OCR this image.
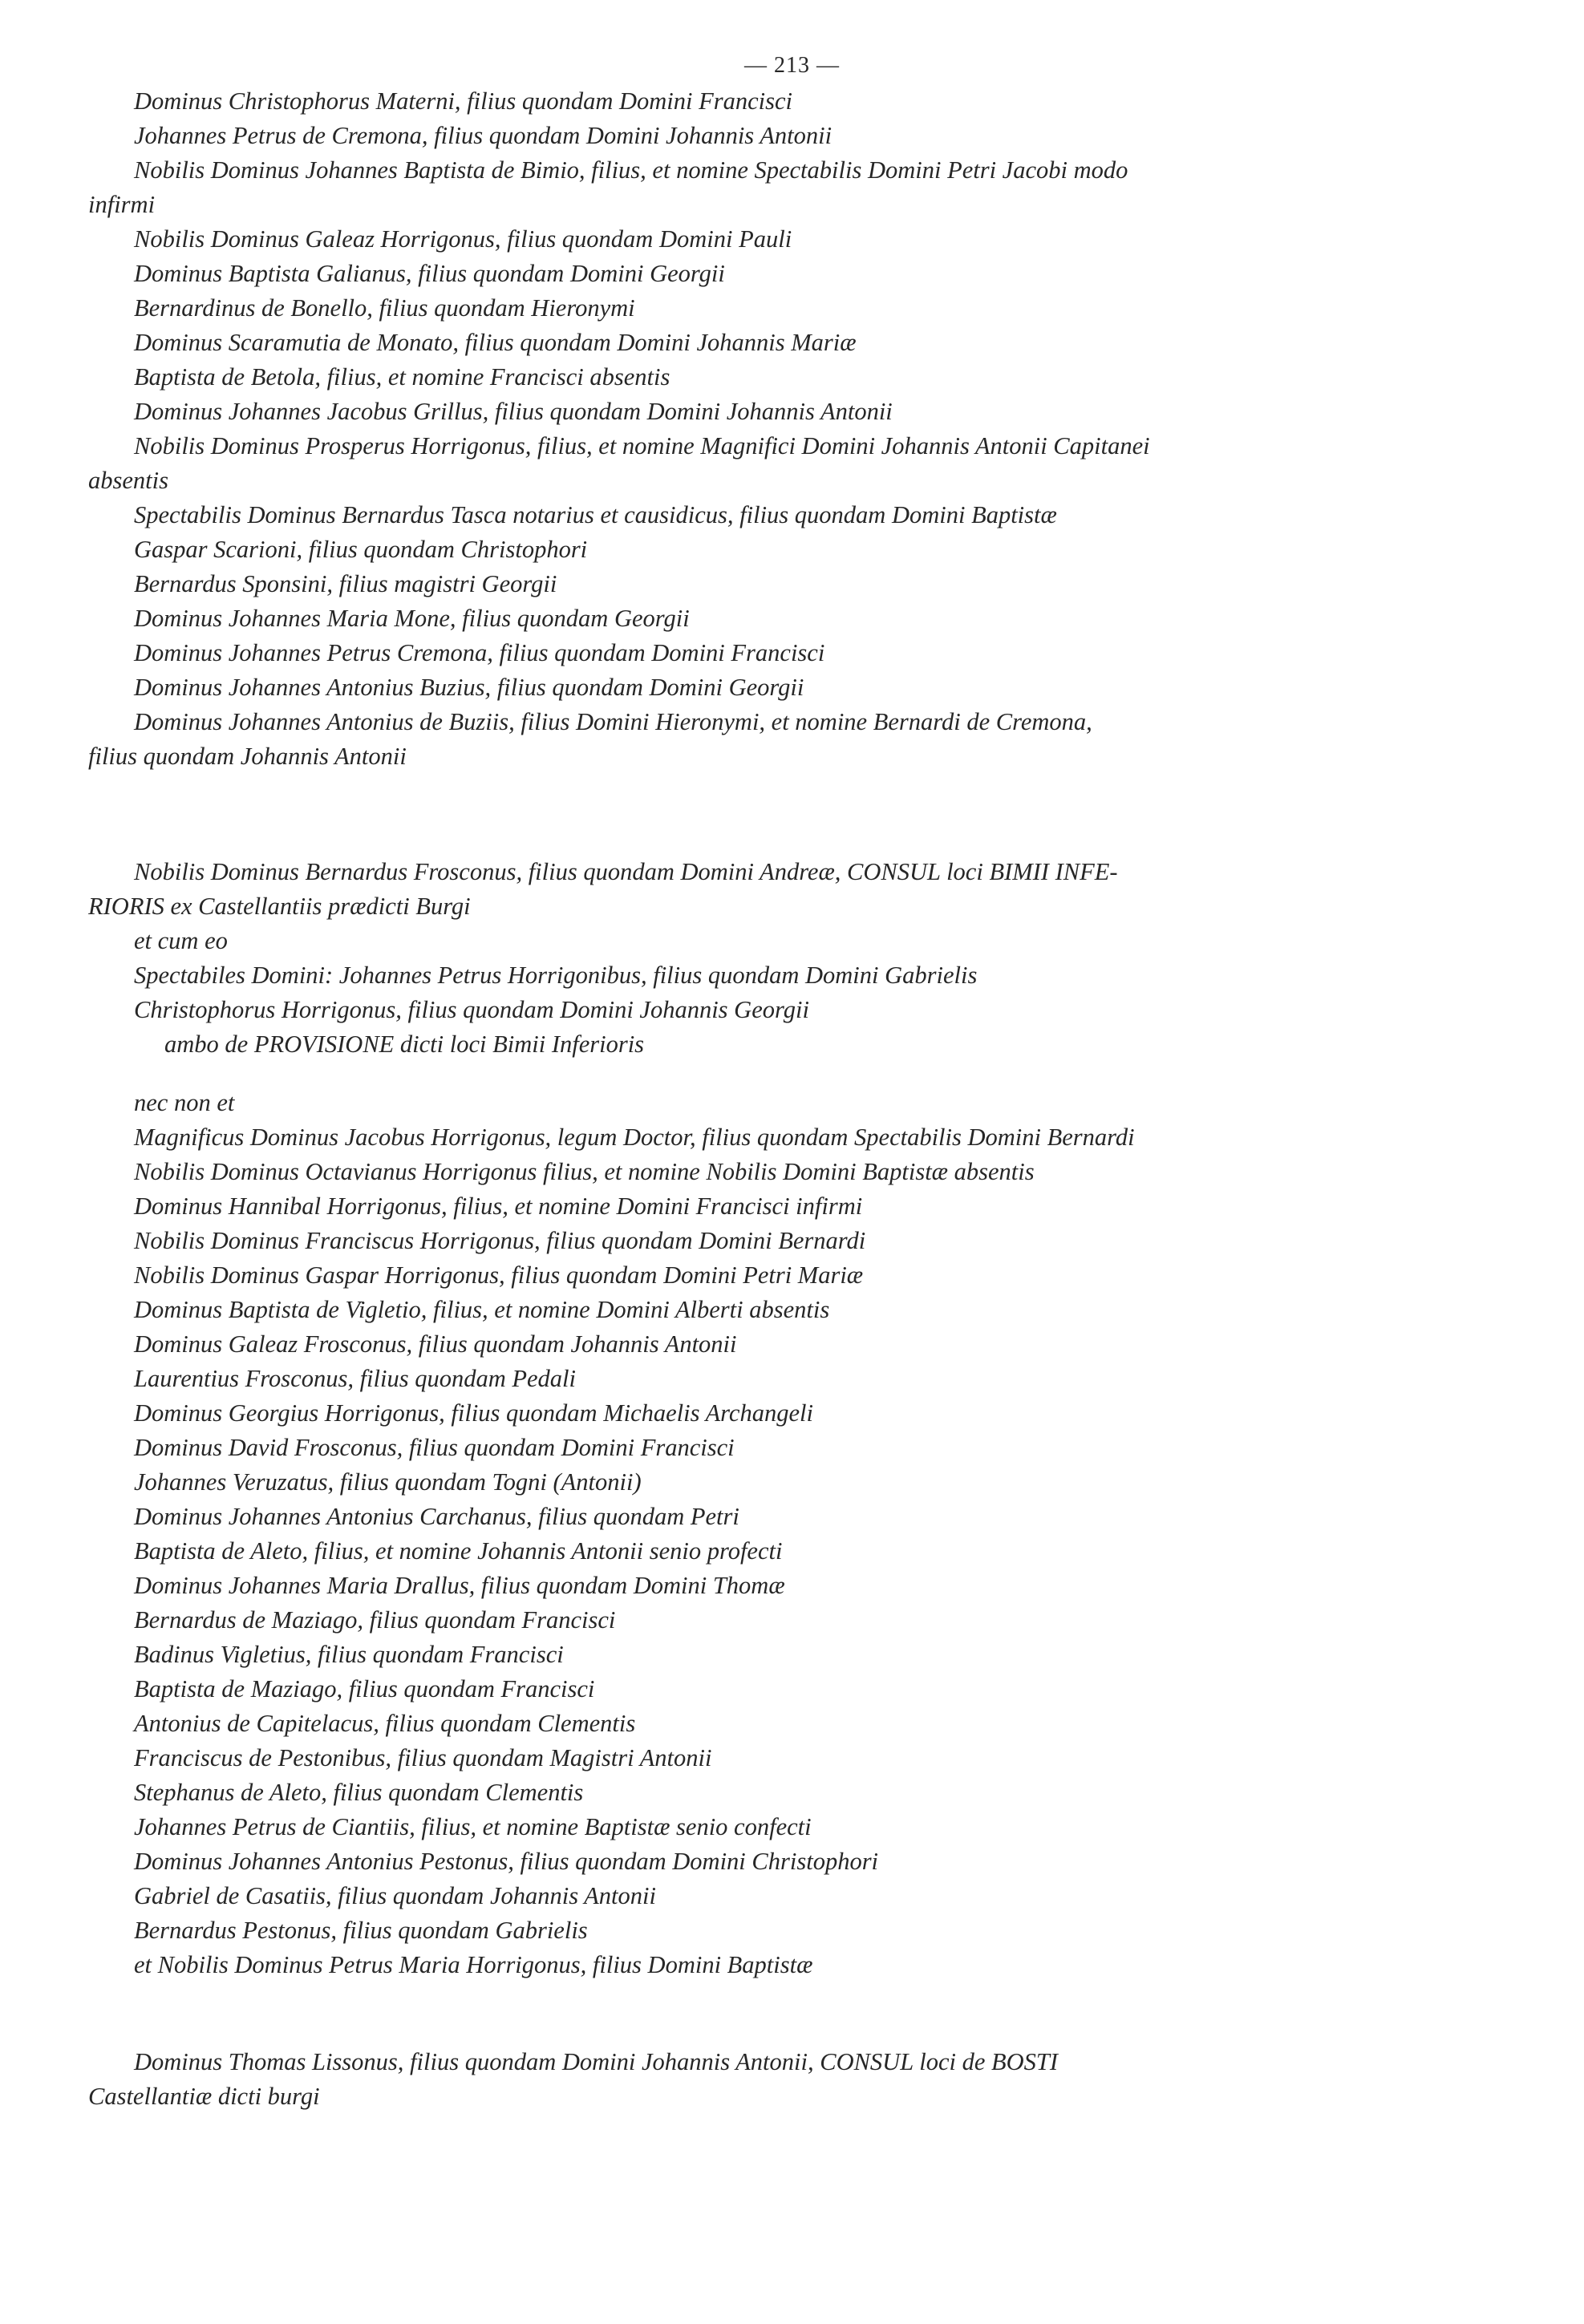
— 213 —

Dominus Christophorus Materni, filius quondam Domini Francisci

Johannes Petrus de Cremona, filius quondam Domini Johannis Antonii

Nobilis Dominus Johannes Baptista de Bimio, filius, et nomine Spectabilis Domini Petri Jacobi modo

infirmi

Nobilis Dominus Galeaz Horrigonus, filius quondam Domini Pauli

Dominus Baptista Galianus, filius quondam Domini Georgii

Bernardinus de Bonello, filius quondam Hieronymi

Dominus Scaramutia de Monato, filius quondam Domini Johannis Mariæ

Baptista de Betola, filius, et nomine Francisci absentis

Dominus Johannes Jacobus Grillus, filius quondam Domini Johannis Antonii

Nobilis Dominus Prosperus Horrigonus, filius, et nomine Magnifici Domini Johannis Antonii Capitanei

absentis

Spectabilis Dominus Bernardus Tasca notarius et causidicus, filius quondam Domini Baptistæ

Gaspar Scarioni, filius quondam Christophori

Bernardus Sponsini, filius magistri Georgii

Dominus Johannes Maria Mone, filius quondam Georgii

Dominus Johannes Petrus Cremona, filius quondam Domini Francisci

Dominus Johannes Antonius Buzius, filius quondam Domini Georgii

Dominus Johannes Antonius de Buziis, filius Domini Hieronymi, et nomine Bernardi de Cremona,

filius quondam Johannis Antonii

Nobilis Dominus Bernardus Frosconus, filius quondam Domini Andreæ, CONSUL loci BIMII INFE-

RIORIS ex Castellantiis prædicti Burgi

et cum eo

Spectabiles Domini: Johannes Petrus Horrigonibus, filius quondam Domini Gabrielis

Christophorus Horrigonus, filius quondam Domini Johannis Georgii

ambo de PROVISIONE dicti loci Bimii Inferioris

nec non et

Magnificus Dominus Jacobus Horrigonus, legum Doctor, filius quondam Spectabilis Domini Bernardi

Nobilis Dominus Octavianus Horrigonus filius, et nomine Nobilis Domini Baptistæ absentis

Dominus Hannibal Horrigonus, filius, et nomine Domini Francisci infirmi

Nobilis Dominus Franciscus Horrigonus, filius quondam Domini Bernardi

Nobilis Dominus Gaspar Horrigonus, filius quondam Domini Petri Mariæ

Dominus Baptista de Vigletio, filius, et nomine Domini Alberti absentis

Dominus Galeaz Frosconus, filius quondam Johannis Antonii

Laurentius Frosconus, filius quondam Pedali

Dominus Georgius Horrigonus, filius quondam Michaelis Archangeli

Dominus David Frosconus, filius quondam Domini Francisci

Johannes Veruzatus, filius quondam Togni (Antonii)

Dominus Johannes Antonius Carchanus, filius quondam Petri

Baptista de Aleto, filius, et nomine Johannis Antonii senio profecti

Dominus Johannes Maria Drallus, filius quondam Domini Thomæ

Bernardus de Maziago, filius quondam Francisci

Badinus Vigletius, filius quondam Francisci

Baptista de Maziago, filius quondam Francisci

Antonius de Capitelacus, filius quondam Clementis

Franciscus de Pestonibus, filius quondam Magistri Antonii

Stephanus de Aleto, filius quondam Clementis

Johannes Petrus de Ciantiis, filius, et nomine Baptistæ senio confecti

Dominus Johannes Antonius Pestonus, filius quondam Domini Christophori

Gabriel de Casatiis, filius quondam Johannis Antonii

Bernardus Pestonus, filius quondam Gabrielis

et Nobilis Dominus Petrus Maria Horrigonus, filius Domini Baptistæ

Dominus Thomas Lissonus, filius quondam Domini Johannis Antonii, CONSUL loci de BOSTI

Castellantiæ dicti burgi
